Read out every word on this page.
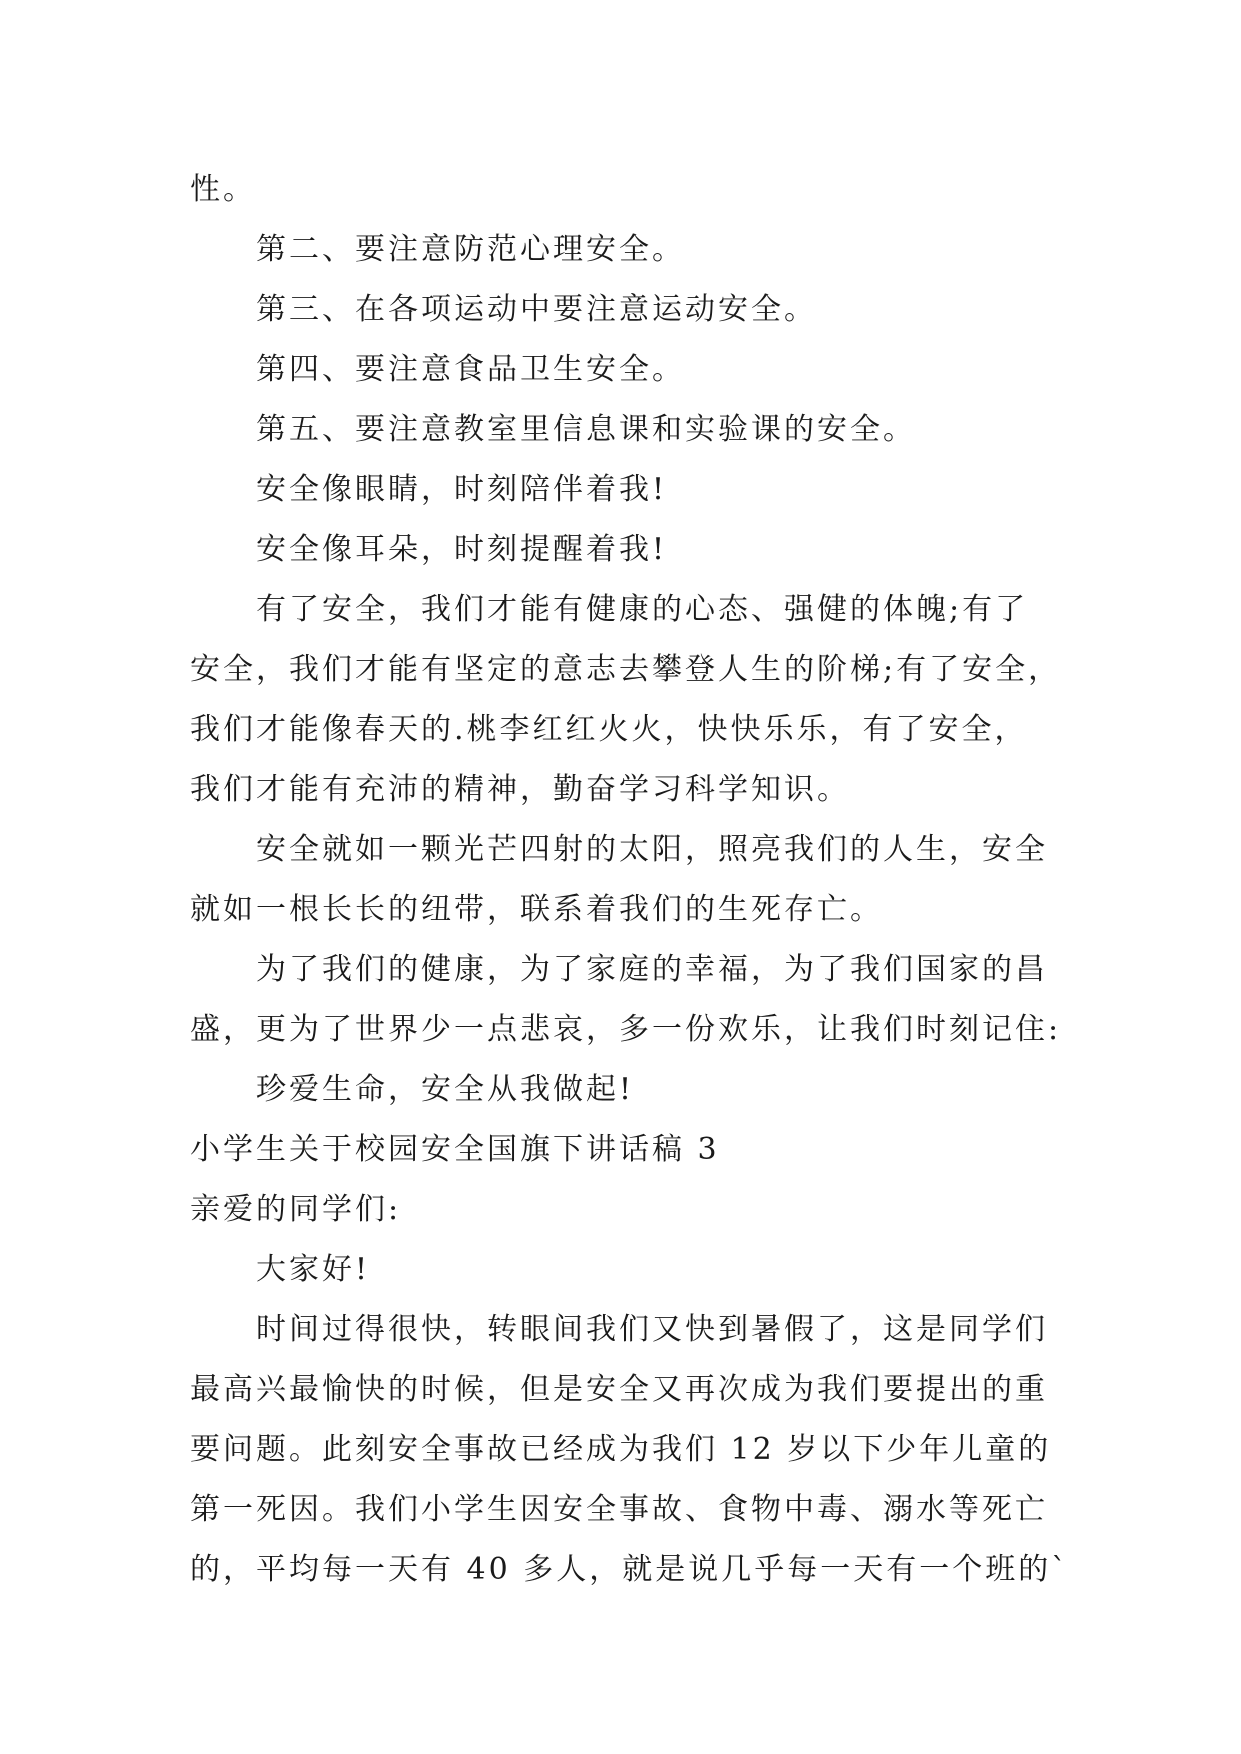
性。
第二、要注意防范心理安全。
第三、在各项运动中要注意运动安全。
第四、要注意食品卫生安全。
第五、要注意教室里信息课和实验课的安全。
安全像眼睛，时刻陪伴着我!
安全像耳朵，时刻提醒着我!
有了安全，我们才能有健康的心态、强健的体魄;有了
安全，我们才能有坚定的意志去攀登人生的阶梯;有了安全，
我们才能像春天的.桃李红红火火，快快乐乐，有了安全，
我们才能有充沛的精神，勤奋学习科学知识。
安全就如一颗光芒四射的太阳，照亮我们的人生，安全
就如一根长长的纽带，联系着我们的生死存亡。
为了我们的健康，为了家庭的幸福，为了我们国家的昌
盛，更为了世界少一点悲哀，多一份欢乐，让我们时刻记住:
珍爱生命，安全从我做起!
小学生关于校园安全国旗下讲话稿 3
亲爱的同学们:
大家好!
时间过得很快，转眼间我们又快到暑假了，这是同学们
最高兴最愉快的时候，但是安全又再次成为我们要提出的重
要问题。此刻安全事故已经成为我们 12 岁以下少年儿童的
第一死因。我们小学生因安全事故、食物中毒、溺水等死亡
的，平均每一天有 40 多人，就是说几乎每一天有一个班的`
